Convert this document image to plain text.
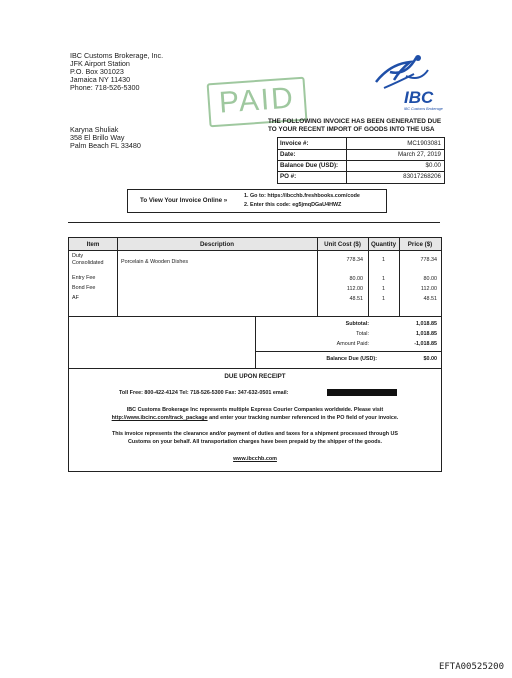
IBC Customs Brokerage, Inc.
JFK Airport Station
P.O. Box 301023
Jamaica NY 11430
Phone: 718-526-5300
IBC
IBC Customs Brokerage
PAID
THE FOLLOWING INVOICE HAS BEEN GENERATED DUE
TO YOUR RECENT IMPORT OF GOODS INTO THE USA
Karyna Shuliak
358 El Brillo Way
Palm Beach FL 33480	Invoice #:	MC1903081
Date:	March 27, 2019
Balance Due (USD):	$0.00
PO #:	83017268206
To View Your Invoice Online »
1. Go to: https://ibcchb.freshbooks.com/code
2. Enter this code: eg5jmqDGaU4HWZ
Item	Description	Unit Cost ($)	Quantity	Price ($)
Duty Consolidated	Porcelain & Wooden Dishes	778.34	1	778.34
Entry Fee	80.00	1	80.00
Bond Fee	112.00	1	112.00
AF	48.51	1	48.51
Subtotal:	1,018.85
Total:	1,018.85
Amount Paid:	-1,018.85
Balance Due (USD):	$0.00
DUE UPON RECEIPT
Toll Free: 800-422-4124 Tel: 718-526-5300 Fax: 347-632-0501 email:
IBC Customs Brokerage Inc represents multiple Express Courier Companies worldwide. Please visit
http://www.ibcinc.com/track_package and enter your tracking number referenced in the PO field of your invoice.
This invoice represents the clearance and/or payment of duties and taxes for a shipment processed through US
Customs on your behalf. All transportation charges have been prepaid by the shipper of the goods.
www.ibcchb.com
EFTA00525200
